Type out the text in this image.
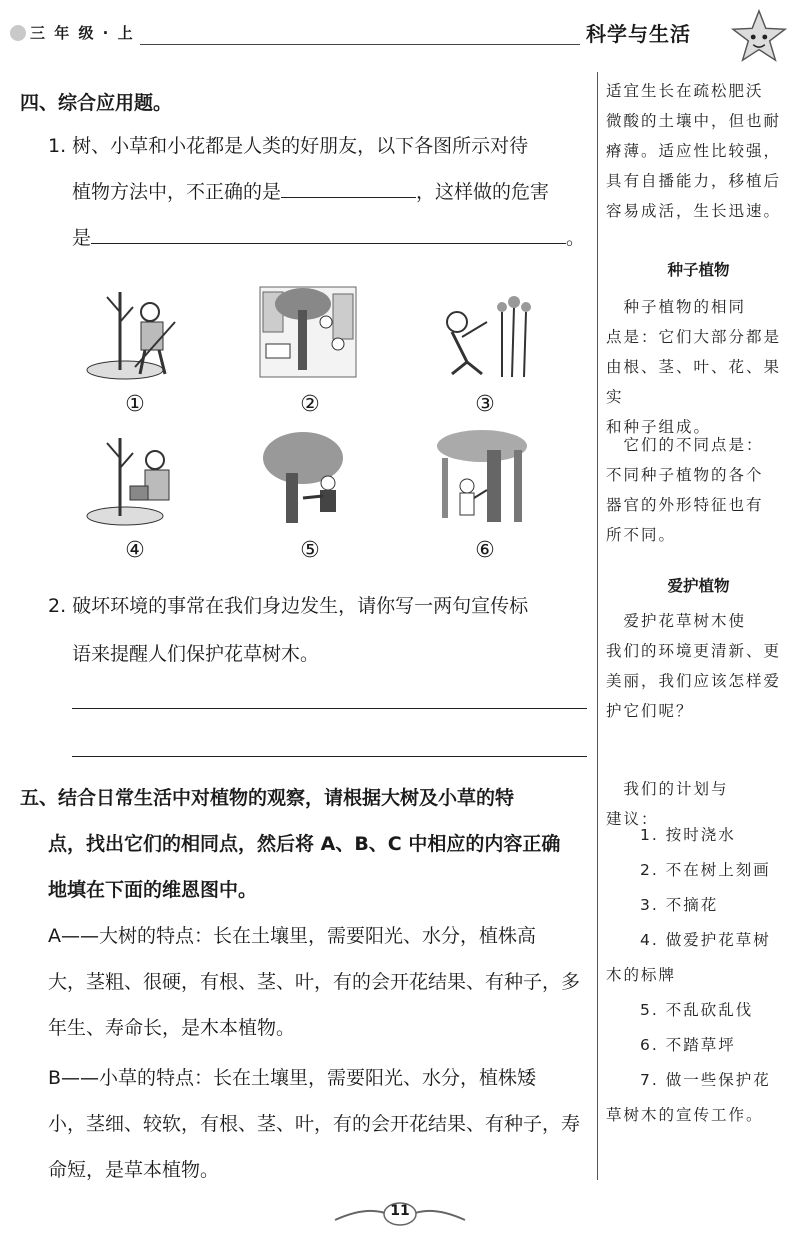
三 年 级 · 上	科学与生活
四、综合应用题。
1. 树、小草和小花都是人类的好朋友，以下各图所示对待
植物方法中，不正确的是	，这样做的危害
是	。
①	②	③
④	⑤	⑥
2. 破坏环境的事常在我们身边发生，请你写一两句宣传标
语来提醒人们保护花草树木。
五、结合日常生活中对植物的观察，请根据大树及小草的特
点，找出它们的相同点，然后将 A、B、C 中相应的内容正确
地填在下面的维恩图中。
A——大树的特点：长在土壤里，需要阳光、水分，植株高
大，茎粗、很硬，有根、茎、叶，有的会开花结果、有种子，多
年生、寿命长，是木本植物。
B——小草的特点：长在土壤里，需要阳光、水分，植株矮
小，茎细、较软，有根、茎、叶，有的会开花结果、有种子，寿
命短，是草本植物。
适宜生长在疏松肥沃
微酸的土壤中，但也耐
瘠薄。适应性比较强，
具有自播能力，移植后
容易成活，生长迅速。
种子植物
　种子植物的相同
点是：它们大部分都是
由根、茎、叶、花、果实
和种子组成。
　它们的不同点是：
不同种子植物的各个
器官的外形特征也有
所不同。
爱护植物
　爱护花草树木使
我们的环境更清新、更
美丽，我们应该怎样爱
护它们呢？
　我们的计划与
建议：
1. 按时浇水
2. 不在树上刻画
3. 不摘花
4. 做爱护花草树
木的标牌
5. 不乱砍乱伐
6. 不踏草坪
7. 做一些保护花
草树木的宣传工作。
11
